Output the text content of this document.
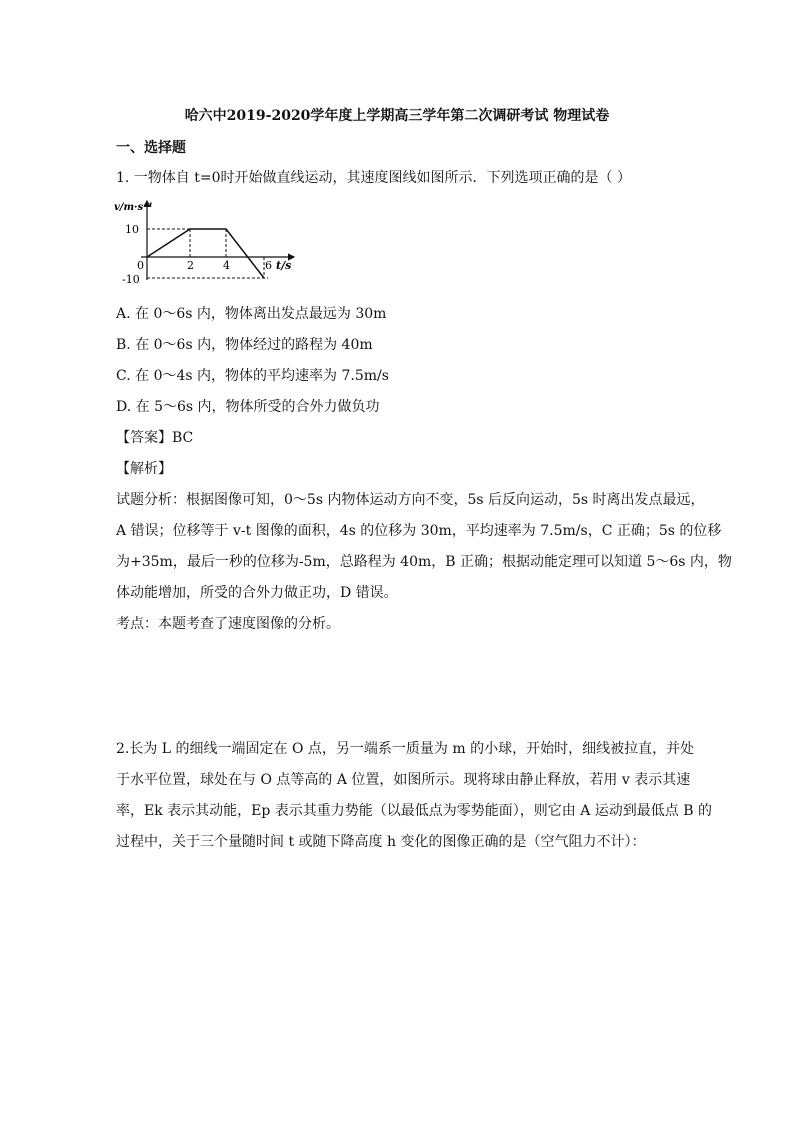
哈六中2019-2020学年度上学期高三学年第二次调研考试 物理试卷
一、选择题
1. 一物体自 t=0时开始做直线运动，其速度图线如图所示．下列选项正确的是（ ）
v/m·s⁻¹
10
0
-10
2	4	6 t/s
A. 在 0～6s 内，物体离出发点最远为 30m
B. 在 0～6s 内，物体经过的路程为 40m
C. 在 0～4s 内，物体的平均速率为 7.5m/s
D. 在 5～6s 内，物体所受的合外力做负功
【答案】BC
【解析】
试题分析：根据图像可知，0～5s 内物体运动方向不变，5s 后反向运动，5s 时离出发点最远，
A 错误；位移等于 v-t 图像的面积，4s 的位移为 30m，平均速率为 7.5m/s，C 正确；5s 的位移
为+35m，最后一秒的位移为-5m，总路程为 40m，B 正确；根据动能定理可以知道 5～6s 内，物
体动能增加，所受的合外力做正功，D 错误。
考点：本题考查了速度图像的分析。
2.长为 L 的细线一端固定在 O 点，另一端系一质量为 m 的小球，开始时，细线被拉直，并处
于水平位置，球处在与 O 点等高的 A 位置，如图所示。现将球由静止释放，若用 v 表示其速
率，Ek 表示其动能，Ep 表示其重力势能（以最低点为零势能面），则它由 A 运动到最低点 B 的
过程中，关于三个量随时间 t 或随下降高度 h 变化的图像正确的是（空气阻力不计）：
